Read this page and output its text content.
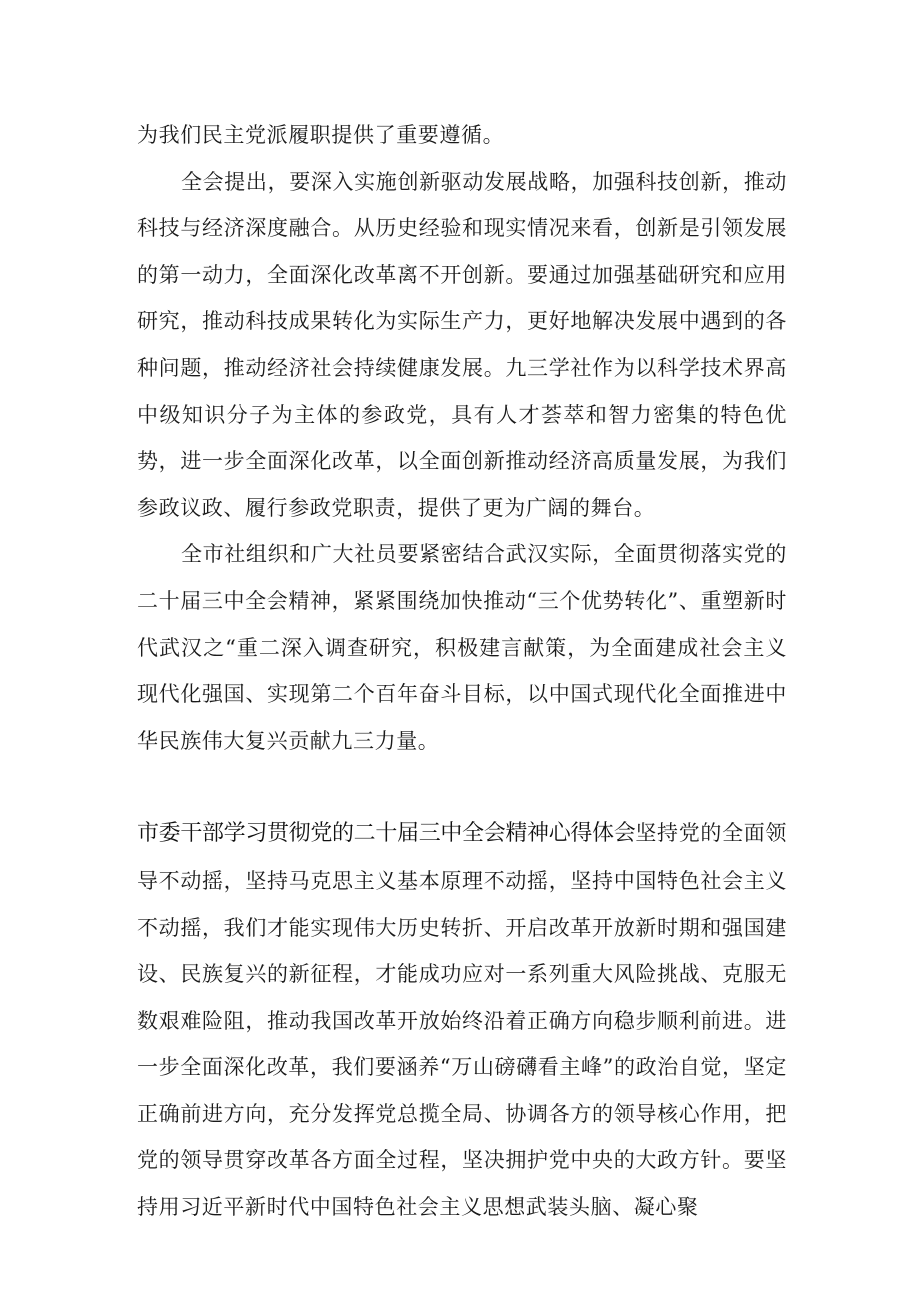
为我们民主党派履职提供了重要遵循。

全会提出，要深入实施创新驱动发展战略，加强科技创新，推动科技与经济深度融合。从历史经验和现实情况来看，创新是引领发展的第一动力，全面深化改革离不开创新。要通过加强基础研究和应用研究，推动科技成果转化为实际生产力，更好地解决发展中遇到的各种问题，推动经济社会持续健康发展。九三学社作为以科学技术界高中级知识分子为主体的参政党，具有人才荟萃和智力密集的特色优势，进一步全面深化改革，以全面创新推动经济高质量发展，为我们参政议政、履行参政党职责，提供了更为广阔的舞台。

全市社组织和广大社员要紧密结合武汉实际，全面贯彻落实党的二十届三中全会精神，紧紧围绕加快推动“三个优势转化”、重塑新时代武汉之“重二深入调查研究，积极建言献策，为全面建成社会主义现代化强国、实现第二个百年奋斗目标，以中国式现代化全面推进中华民族伟大复兴贡献九三力量。

市委干部学习贯彻党的二十届三中全会精神心得体会坚持党的全面领导不动摇，坚持马克思主义基本原理不动摇，坚持中国特色社会主义不动摇，我们才能实现伟大历史转折、开启改革开放新时期和强国建设、民族复兴的新征程，才能成功应对一系列重大风险挑战、克服无数艰难险阻，推动我国改革开放始终沿着正确方向稳步顺利前进。进一步全面深化改革，我们要涵养“万山磅礴看主峰”的政治自觉，坚定正确前进方向，充分发挥党总揽全局、协调各方的领导核心作用，把党的领导贯穿改革各方面全过程，坚决拥护党中央的大政方针。要坚持用习近平新时代中国特色社会主义思想武装头脑、凝心聚
